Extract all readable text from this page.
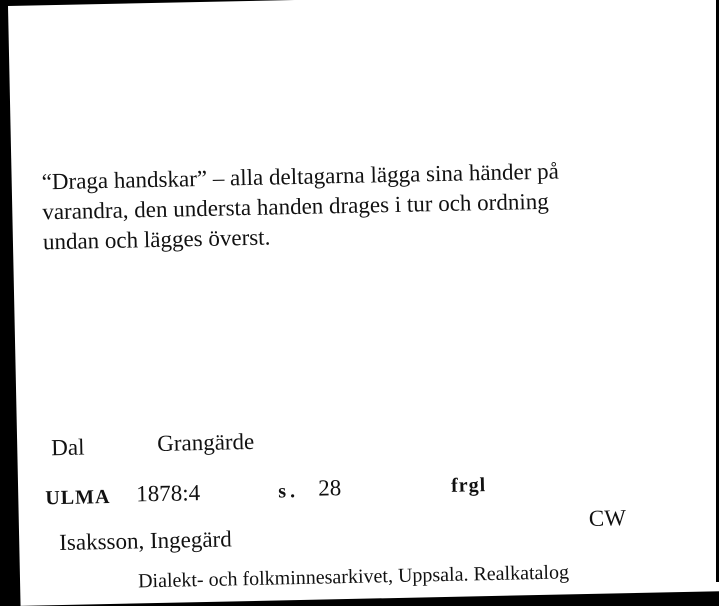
“Draga handskar” – alla deltagarna lägga sina händer på
varandra, den understa handen drages i tur och ordning
undan och lägges överst.

Dal	Grangärde
ULMA 1878:4	s. 28	frgl
Isaksson, Ingegärd
CW
Dialekt- och folkminnesarkivet, Uppsala. Realkatalog
